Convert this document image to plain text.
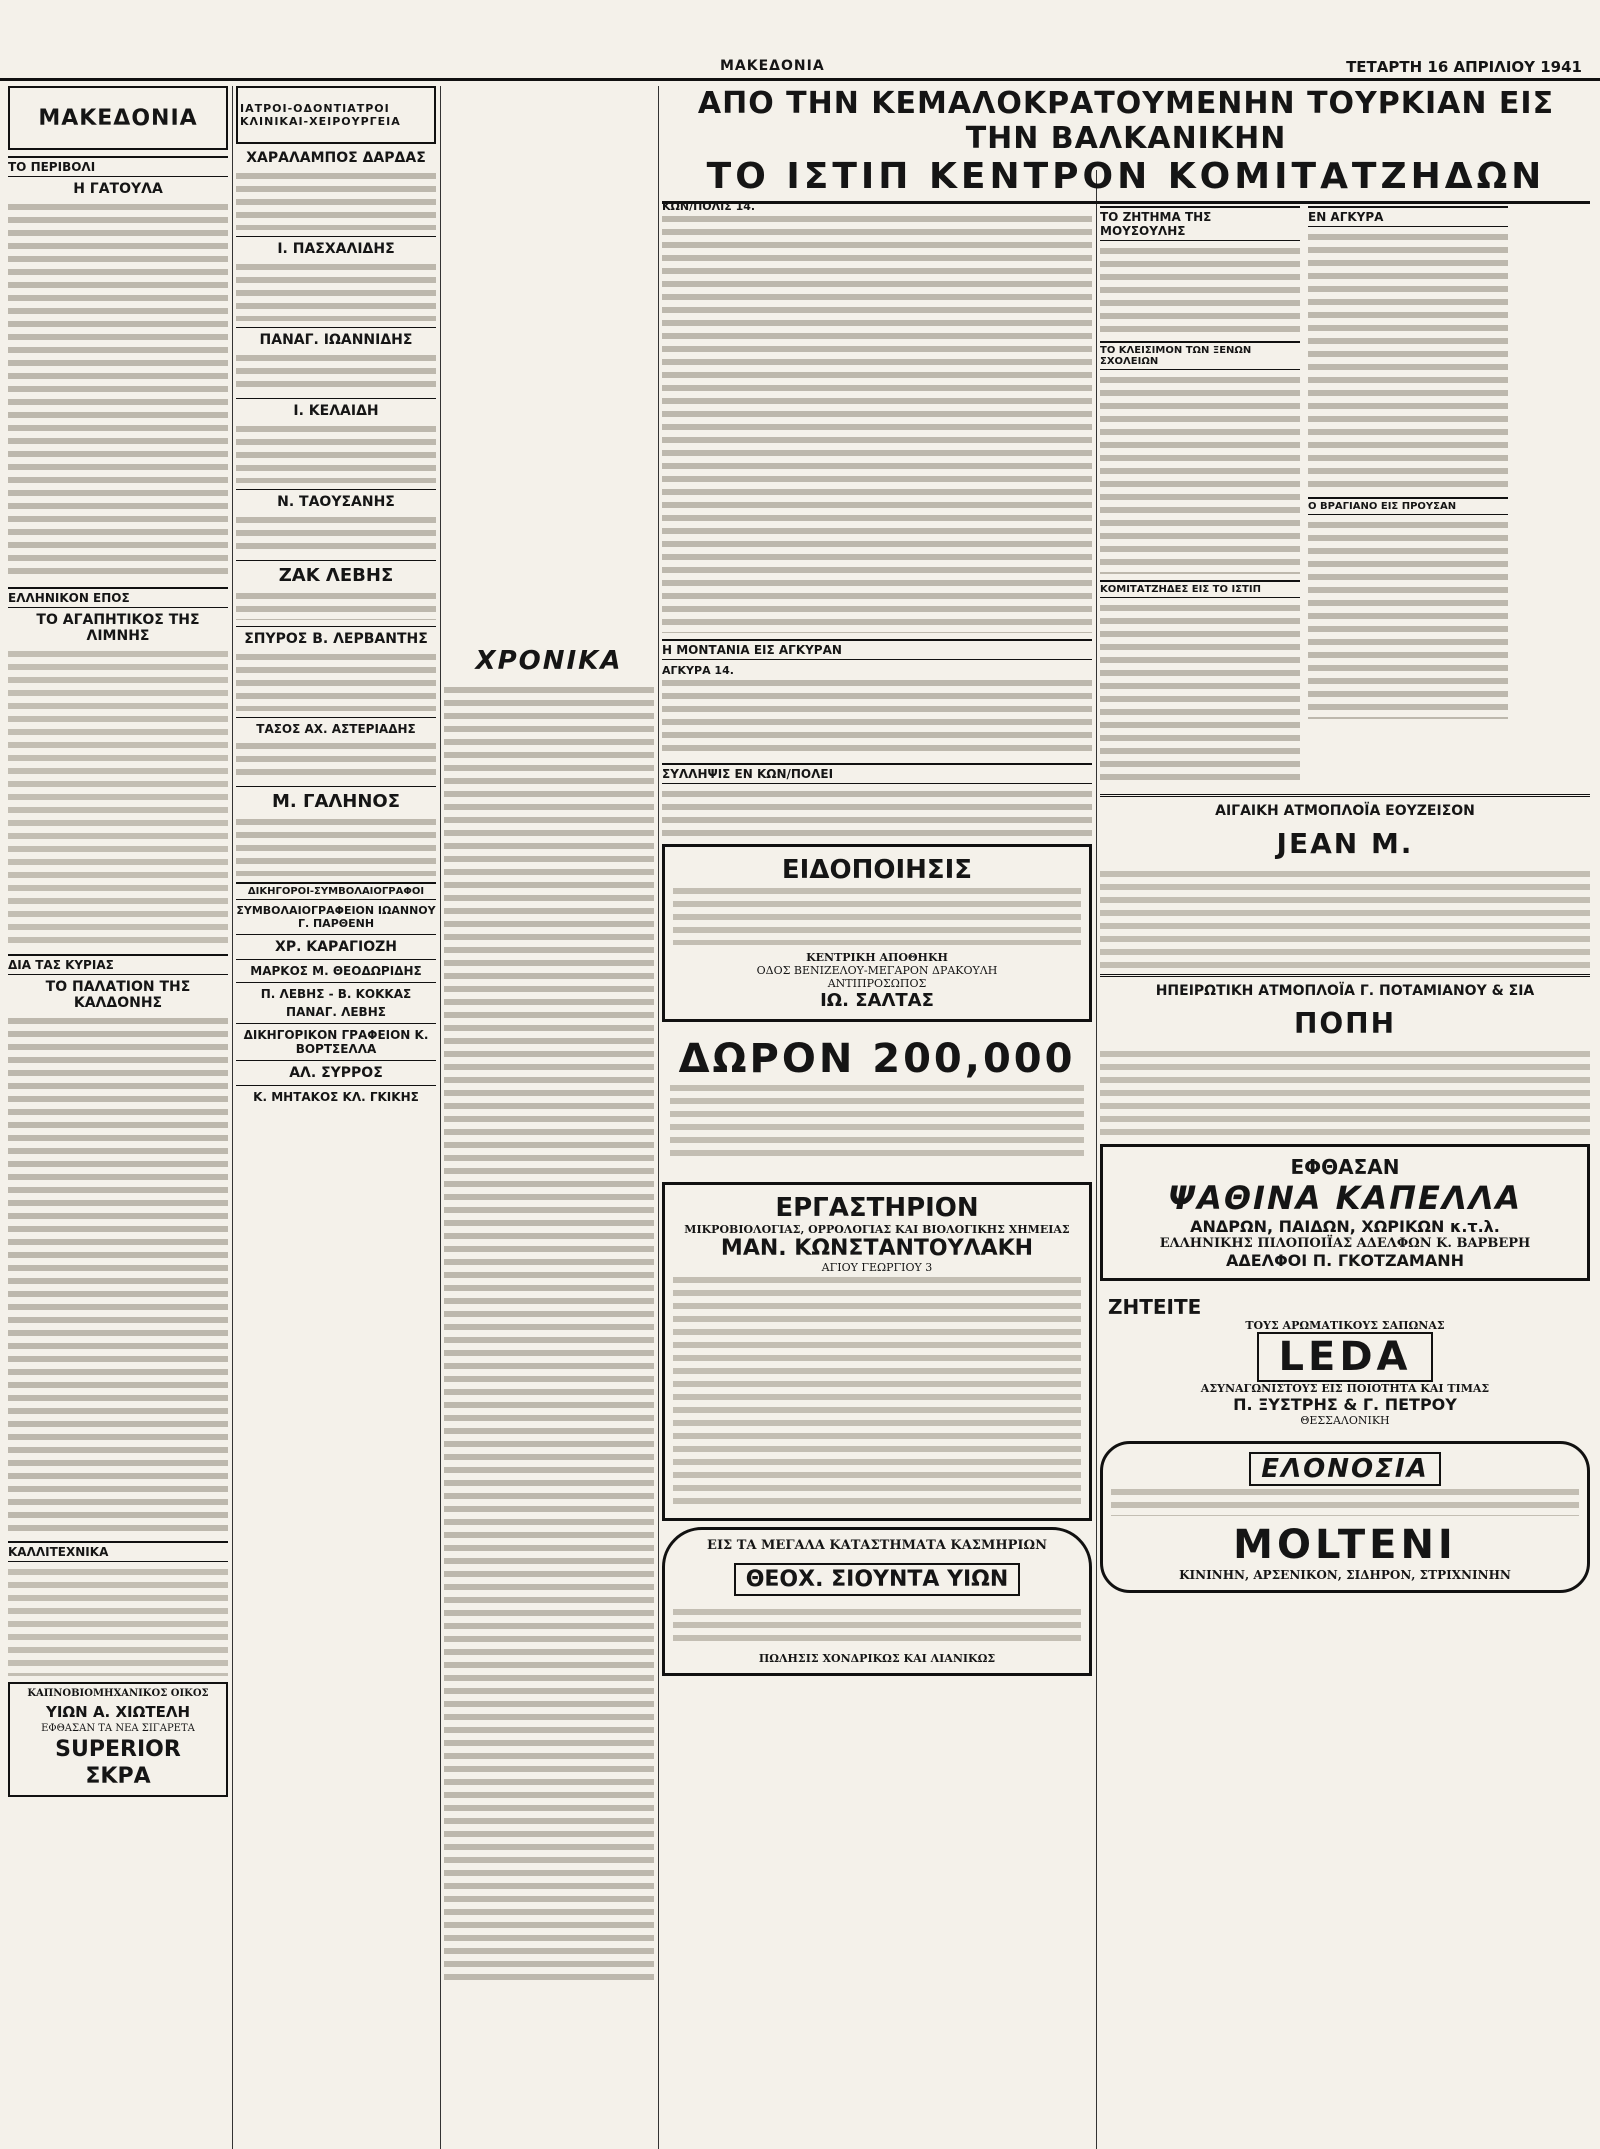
ΜΑΚΕΔΟΝΙΑ	ΤΕΤΑΡΤΗ 16 ΑΠΡΙΛΙΟΥ 1941
ΜΑΚΕΔΟΝΙΑ
ΤΟ ΠΕΡΙΒΟΛΙ
Η ΓΑΤΟΥΛΑ
ΕΛΛΗΝΙΚΟΝ ΕΠΟΣ
ΤΟ ΑΓΑΠΗΤΙΚΟΣ ΤΗΣ ΛΙΜΝΗΣ
ΔΙΑ ΤΑΣ ΚΥΡΙΑΣ
ΤΟ ΠΑΛΑΤΙΟΝ ΤΗΣ ΚΑΛΔΟΝΗΣ
ΚΑΛΛΙΤΕΧΝΙΚΑ
ΚΑΠΝΟΒΙΟΜΗΧΑΝΙΚΟΣ ΟΙΚΟΣ
ΥΙΩΝ Α. ΧΙΩΤΕΛΗ
ΕΦΘΑΣΑΝ ΤΑ ΝΕΑ ΣΙΓΑΡΕΤΑ
SUPERIOR
ΣΚΡΑ
ΙΑΤΡΟΙ-ΟΔΟΝΤΙΑΤΡΟΙ ΚΛΙΝΙΚΑΙ-ΧΕΙΡΟΥΡΓΕΙΑ
ΧΑΡΑΛΑΜΠΟΣ ΔΑΡΔΑΣ
Ι. ΠΑΣΧΑΛΙΔΗΣ
ΠΑΝΑΓ. ΙΩΑΝΝΙΔΗΣ
Ι. ΚΕΛΑΙΔΗ
Ν. ΤΑΟΥΣΑΝΗΣ
ΖΑΚ ΛΕΒΗΣ
ΣΠΥΡΟΣ Β. ΛΕΡΒΑΝΤΗΣ
ΤΑΣΟΣ ΑΧ. ΑΣΤΕΡΙΑΔΗΣ
Μ. ΓΑΛΗΝΟΣ
ΔΙΚΗΓΟΡΟΙ-ΣΥΜΒΟΛΑΙΟΓΡΑΦΟΙ
ΣΥΜΒΟΛΑΙΟΓΡΑΦΕΙΟΝ ΙΩΑΝΝΟΥ Γ. ΠΑΡΘΕΝΗ
ΧΡ. ΚΑΡΑΓΙΟΖΗ
ΜΑΡΚΟΣ Μ. ΘΕΟΔΩΡΙΔΗΣ
Π. ΛΕΒΗΣ - Β. ΚΟΚΚΑΣ
ΠΑΝΑΓ. ΛΕΒΗΣ
ΔΙΚΗΓΟΡΙΚΟΝ ΓΡΑΦΕΙΟΝ Κ. ΒΟΡΤΣΕΛΛΑ
ΑΛ. ΣΥΡΡΟΣ
Κ. ΜΗΤΑΚΟΣ ΚΛ. ΓΚΙΚΗΣ
ΧΡΟΝΙΚΑ
ΑΠΟ ΤΗΝ ΚΕΜΑΛΟΚΡΑΤΟΥΜΕΝΗΝ ΤΟΥΡΚΙΑΝ ΕΙΣ ΤΗΝ ΒΑΛΚΑΝΙΚΗΝ
ΤΟ ΙΣΤΙΠ ΚΕΝΤΡΟΝ ΚΟΜΙΤΑΤΖΗΔΩΝ
ΚΩΝ/ΠΟΛΙΣ 14.
Η ΜΟΝΤΑΝΙΑ ΕΙΣ ΑΓΚΥΡΑΝ
ΑΓΚΥΡΑ 14.
ΣΥΛΛΗΨΙΣ ΕΝ ΚΩΝ/ΠΟΛΕΙ
ΕΙΔΟΠΟΙΗΣΙΣ
ΚΕΝΤΡΙΚΗ ΑΠΟΘΗΚΗ
ΟΔΟΣ ΒΕΝΙΖΕΛΟΥ-ΜΕΓΑΡΟΝ ΔΡΑΚΟΥΛΗ
ΑΝΤΙΠΡΟΣΩΠΟΣ
ΙΩ. ΣΑΛΤΑΣ
ΔΩΡΟΝ 200,000
ΕΡΓΑΣΤΗΡΙΟΝ
ΜΙΚΡΟΒΙΟΛΟΓΙΑΣ, ΟΡΡΟΛΟΓΙΑΣ ΚΑΙ ΒΙΟΛΟΓΙΚΗΣ ΧΗΜΕΙΑΣ
ΜΑΝ. ΚΩΝΣΤΑΝΤΟΥΛΑΚΗ
ΑΓΙΟΥ ΓΕΩΡΓΙΟΥ 3
ΕΙΣ ΤΑ ΜΕΓΑΛΑ ΚΑΤΑΣΤΗΜΑΤΑ ΚΑΣΜΗΡΙΩΝ
ΘΕΟΧ. ΣΙΟΥΝΤΑ ΥΙΩΝ
ΠΩΛΗΣΙΣ ΧΟΝΔΡΙΚΩΣ ΚΑΙ ΛΙΑΝΙΚΩΣ
ΤΟ ΖΗΤΗΜΑ ΤΗΣ ΜΟΥΣΟΥΛΗΣ
ΤΟ ΚΛΕΙΣΙΜΟΝ ΤΩΝ ΞΕΝΩΝ ΣΧΟΛΕΙΩΝ
ΚΟΜΙΤΑΤΖΗΔΕΣ ΕΙΣ ΤΟ ΙΣΤΙΠ
ΕΝ ΑΓΚΥΡΑ
Ο ΒΡΑΓΙΑΝΟ ΕΙΣ ΠΡΟΥΣΑΝ
ΑΙΓΑΙΚΗ ΑΤΜΟΠΛΟΪΑ ΕΟΥΖΕΙΣΟΝ
JEAN M.
ΗΠΕΙΡΩΤΙΚΗ ΑΤΜΟΠΛΟΪΑ Γ. ΠΟΤΑΜΙΑΝΟΥ & ΣΙΑ
ΠΟΠΗ
ΕΦΘΑΣΑΝ
ΨΑΘΙΝΑ ΚΑΠΕΛΛΑ
ΑΝΔΡΩΝ, ΠΑΙΔΩΝ, ΧΩΡΙΚΩΝ κ.τ.λ.
ΕΛΛΗΝΙΚΗΣ ΠΙΛΟΠΟΙΪΑΣ ΑΔΕΛΦΩΝ Κ. ΒΑΡΒΕΡΗ
ΑΔΕΛΦΟΙ Π. ΓΚΟΤΖΑΜΑΝΗ
ΖΗΤΕΙΤΕ
ΤΟΥΣ ΑΡΩΜΑΤΙΚΟΥΣ ΣΑΠΩΝΑΣ
LEDA
ΑΣΥΝΑΓΩΝΙΣΤΟΥΣ ΕΙΣ ΠΟΙΟΤΗΤΑ ΚΑΙ ΤΙΜΑΣ
Π. ΞΥΣΤΡΗΣ & Γ. ΠΕΤΡΟΥ
ΘΕΣΣΑΛΟΝΙΚΗ
ΕΛΟΝΟΣΙΑ
MOLTENI
ΚΙΝΙΝΗΝ, ΑΡΣΕΝΙΚΟΝ, ΣΙΔΗΡΟΝ, ΣΤΡΙΧΝΙΝΗΝ
